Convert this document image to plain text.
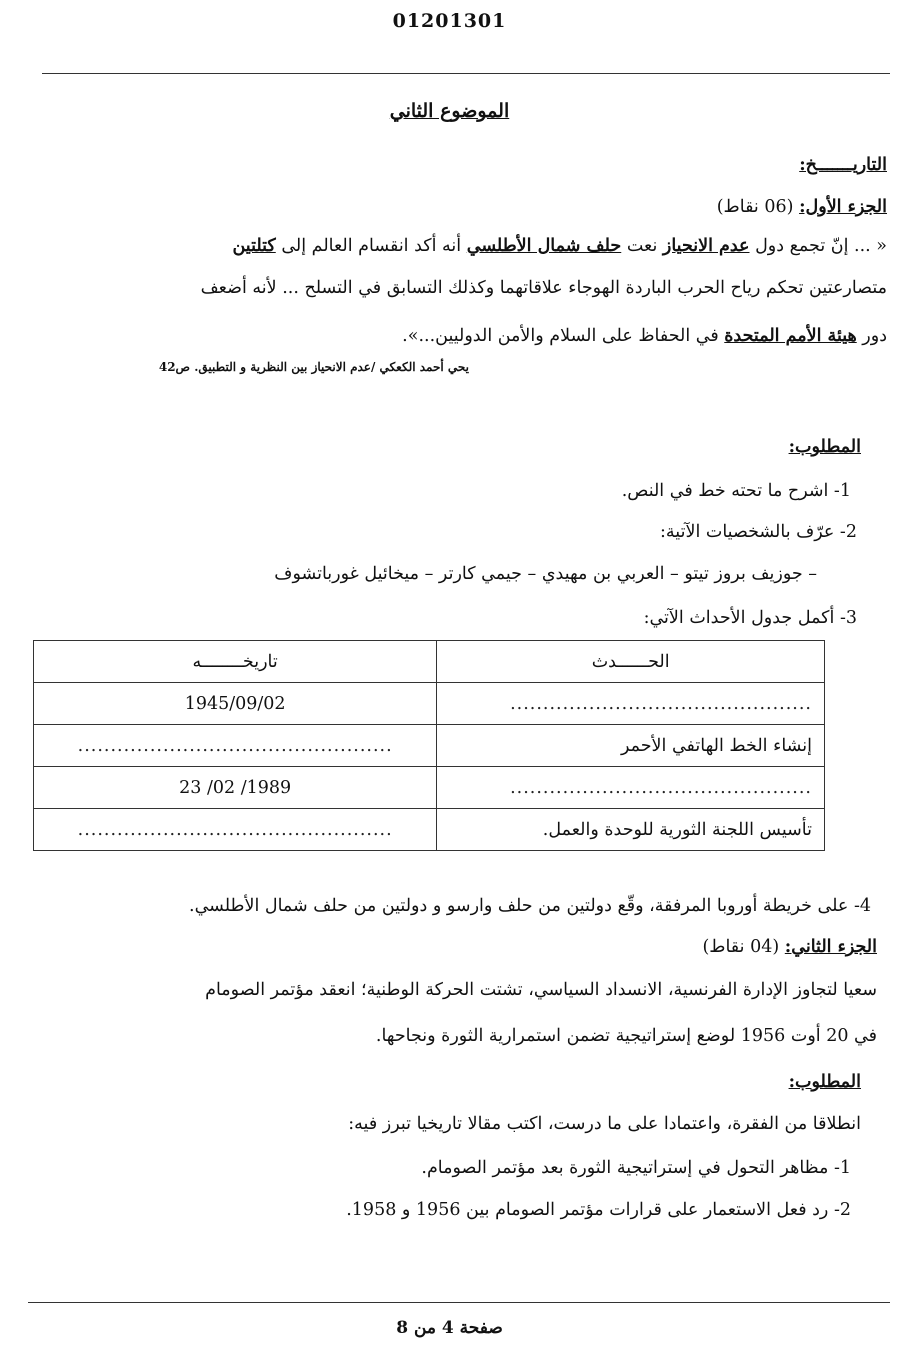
01201301
الموضوع الثاني
التاريـــــــخ:
الجزء الأول: (06 نقاط)
« ... إنّ تجمع دول عدم الانحياز نعت حلف شمال الأطلسي أنه أكد انقسام العالم إلى كتلتين
متصارعتين تحكم رياح الحرب الباردة الهوجاء علاقاتهما وكذلك التسابق في التسلح ... لأنه أضعف
دور هيئة الأمم المتحدة في الحفاظ على السلام والأمن الدوليين...».
يحي أحمد الكعكي /عدم الانحياز بين النظرية و التطبيق. ص42
المطلوب:
1- اشرح ما تحته خط في النص.
2- عرّف بالشخصيات الآتية:
– جوزيف بروز تيتو – العربي بن مهيدي – جيمي كارتر – ميخائيل غورباتشوف
3- أكمل جدول الأحداث الآتي:
الحــــــدث	تاريخــــــــه
..............................................	1945/09/02
إنشاء الخط الهاتفي الأحمر	................................................
..............................................	1989/ 02/ 23
تأسيس اللجنة الثورية للوحدة والعمل.	................................................
4- على خريطة أوروبا المرفقة، وقّع دولتين من حلف وارسو و دولتين من حلف شمال الأطلسي.
الجزء الثاني: (04 نقاط)
سعيا لتجاوز الإدارة الفرنسية، الانسداد السياسي، تشتت الحركة الوطنية؛ انعقد مؤتمر الصومام
في 20 أوت 1956 لوضع إستراتيجية تضمن استمرارية الثورة ونجاحها.
المطلوب:
انطلاقا من الفقرة، واعتمادا على ما درست، اكتب مقالا تاريخيا تبرز فيه:
1- مظاهر التحول في إستراتيجية الثورة بعد مؤتمر الصومام.
2- رد فعل الاستعمار على قرارات مؤتمر الصومام بين 1956 و 1958.
صفحة 4 من 8
